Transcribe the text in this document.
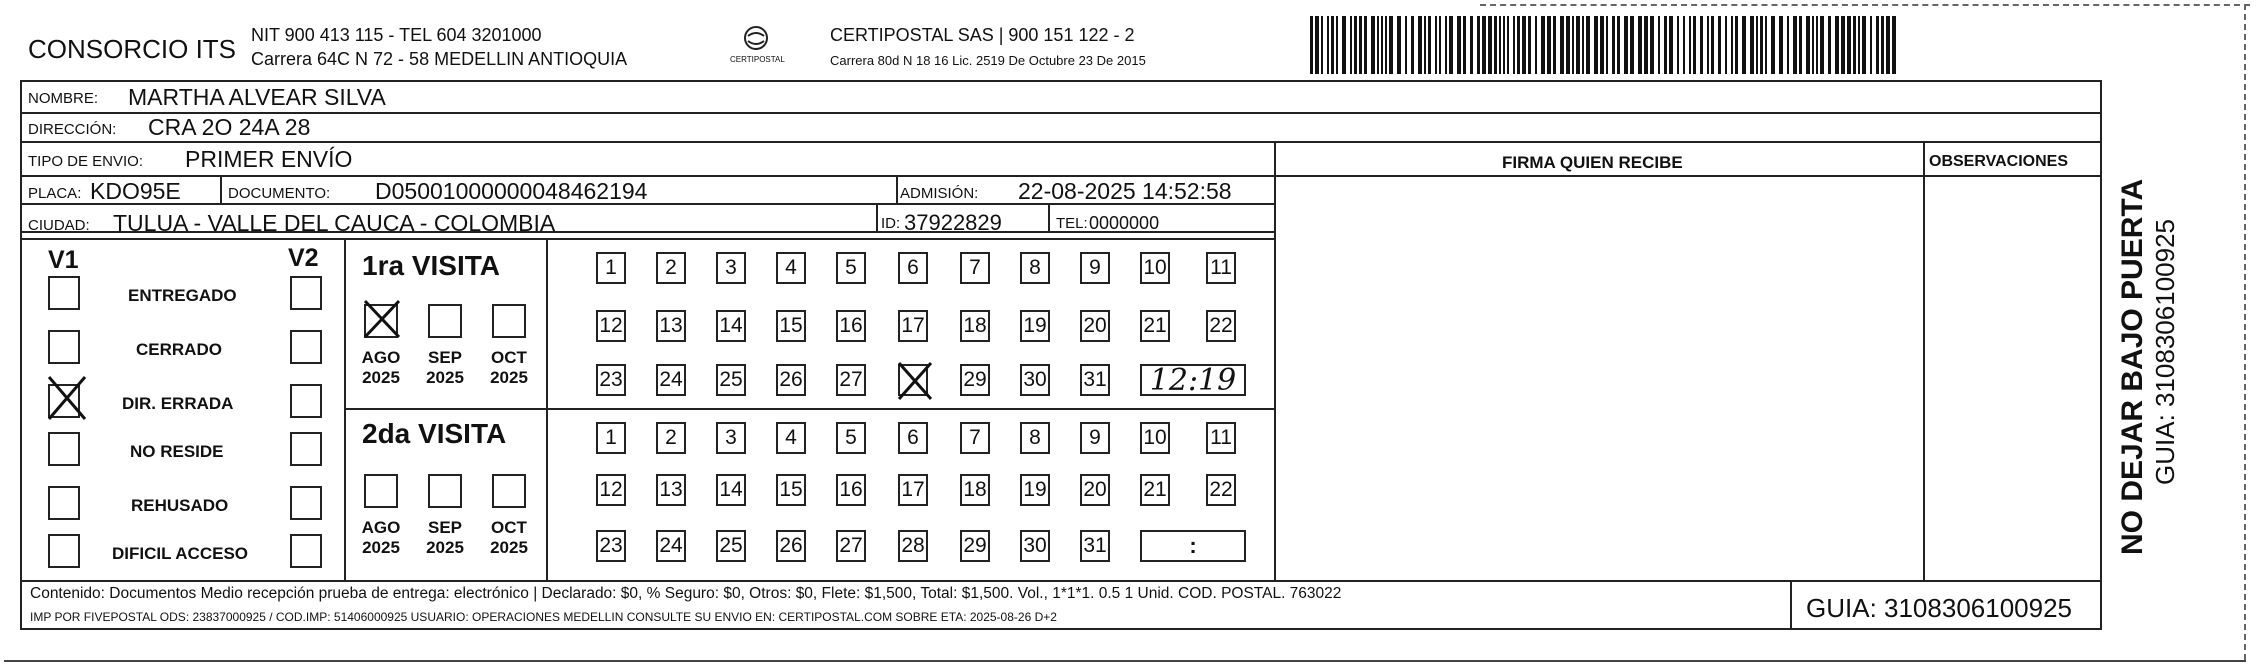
CONSORCIO ITS NIT 900 413 115 - TEL 604 3201000
Carrera 64C N 72 - 58 MEDELLIN ANTIOQUIA	CERTIPOSTAL
CERTIPOSTAL SAS | 900 151 122 - 2
Carrera 80d N 18 16 Lic. 2519 De Octubre 23 De 2015
NOMBRE: MARTHA ALVEAR SILVA
DIRECCIÓN: CRA 2O 24A 28
TIPO DE ENVIO: PRIMER ENVÍO	FIRMA QUIEN RECIBE	OBSERVACIONES
PLACA: KDO95E	DOCUMENTO: D05001000000048462194	ADMISIÓN: 22-08-2025 14:52:58
CIUDAD: TULUA - VALLE DEL CAUCA - COLOMBIA	ID: 37922829	TEL: 0000000
V1	V2
ENTREGADO
CERRADO
DIR. ERRADA
NO RESIDE
REHUSADO
DIFICIL ACCESO
1ra VISITA
2da VISITA
AGO
2025
SEP
2025
OCT
2025
AGO
2025
SEP
2025
OCT
2025
1 2 3 4 5 6 7 8 9 10 11
12 13 14 15 16 17 18 19 20 21 22
23 24 25 26 27	29 30 31 12:19
1 2 3 4 5 6 7 8 9 10 11
12 13 14 15 16 17 18 19 20 21 22
23 24 25 26 27 28 29 30 31	:
Contenido: Documentos Medio recepción prueba de entrega: electrónico | Declarado: $0, % Seguro: $0, Otros: $0, Flete: $1,500, Total: $1,500. Vol., 1*1*1. 0.5 1 Unid. COD. POSTAL. 763022
IMP POR FIVEPOSTAL ODS: 23837000925 / COD.IMP: 51406000925 USUARIO: OPERACIONES MEDELLIN CONSULTE SU ENVIO EN: CERTIPOSTAL.COM SOBRE ETA: 2025-08-26 D+2	GUIA: 3108306100925
NO DEJAR BAJO PUERTA GUIA: 3108306100925
